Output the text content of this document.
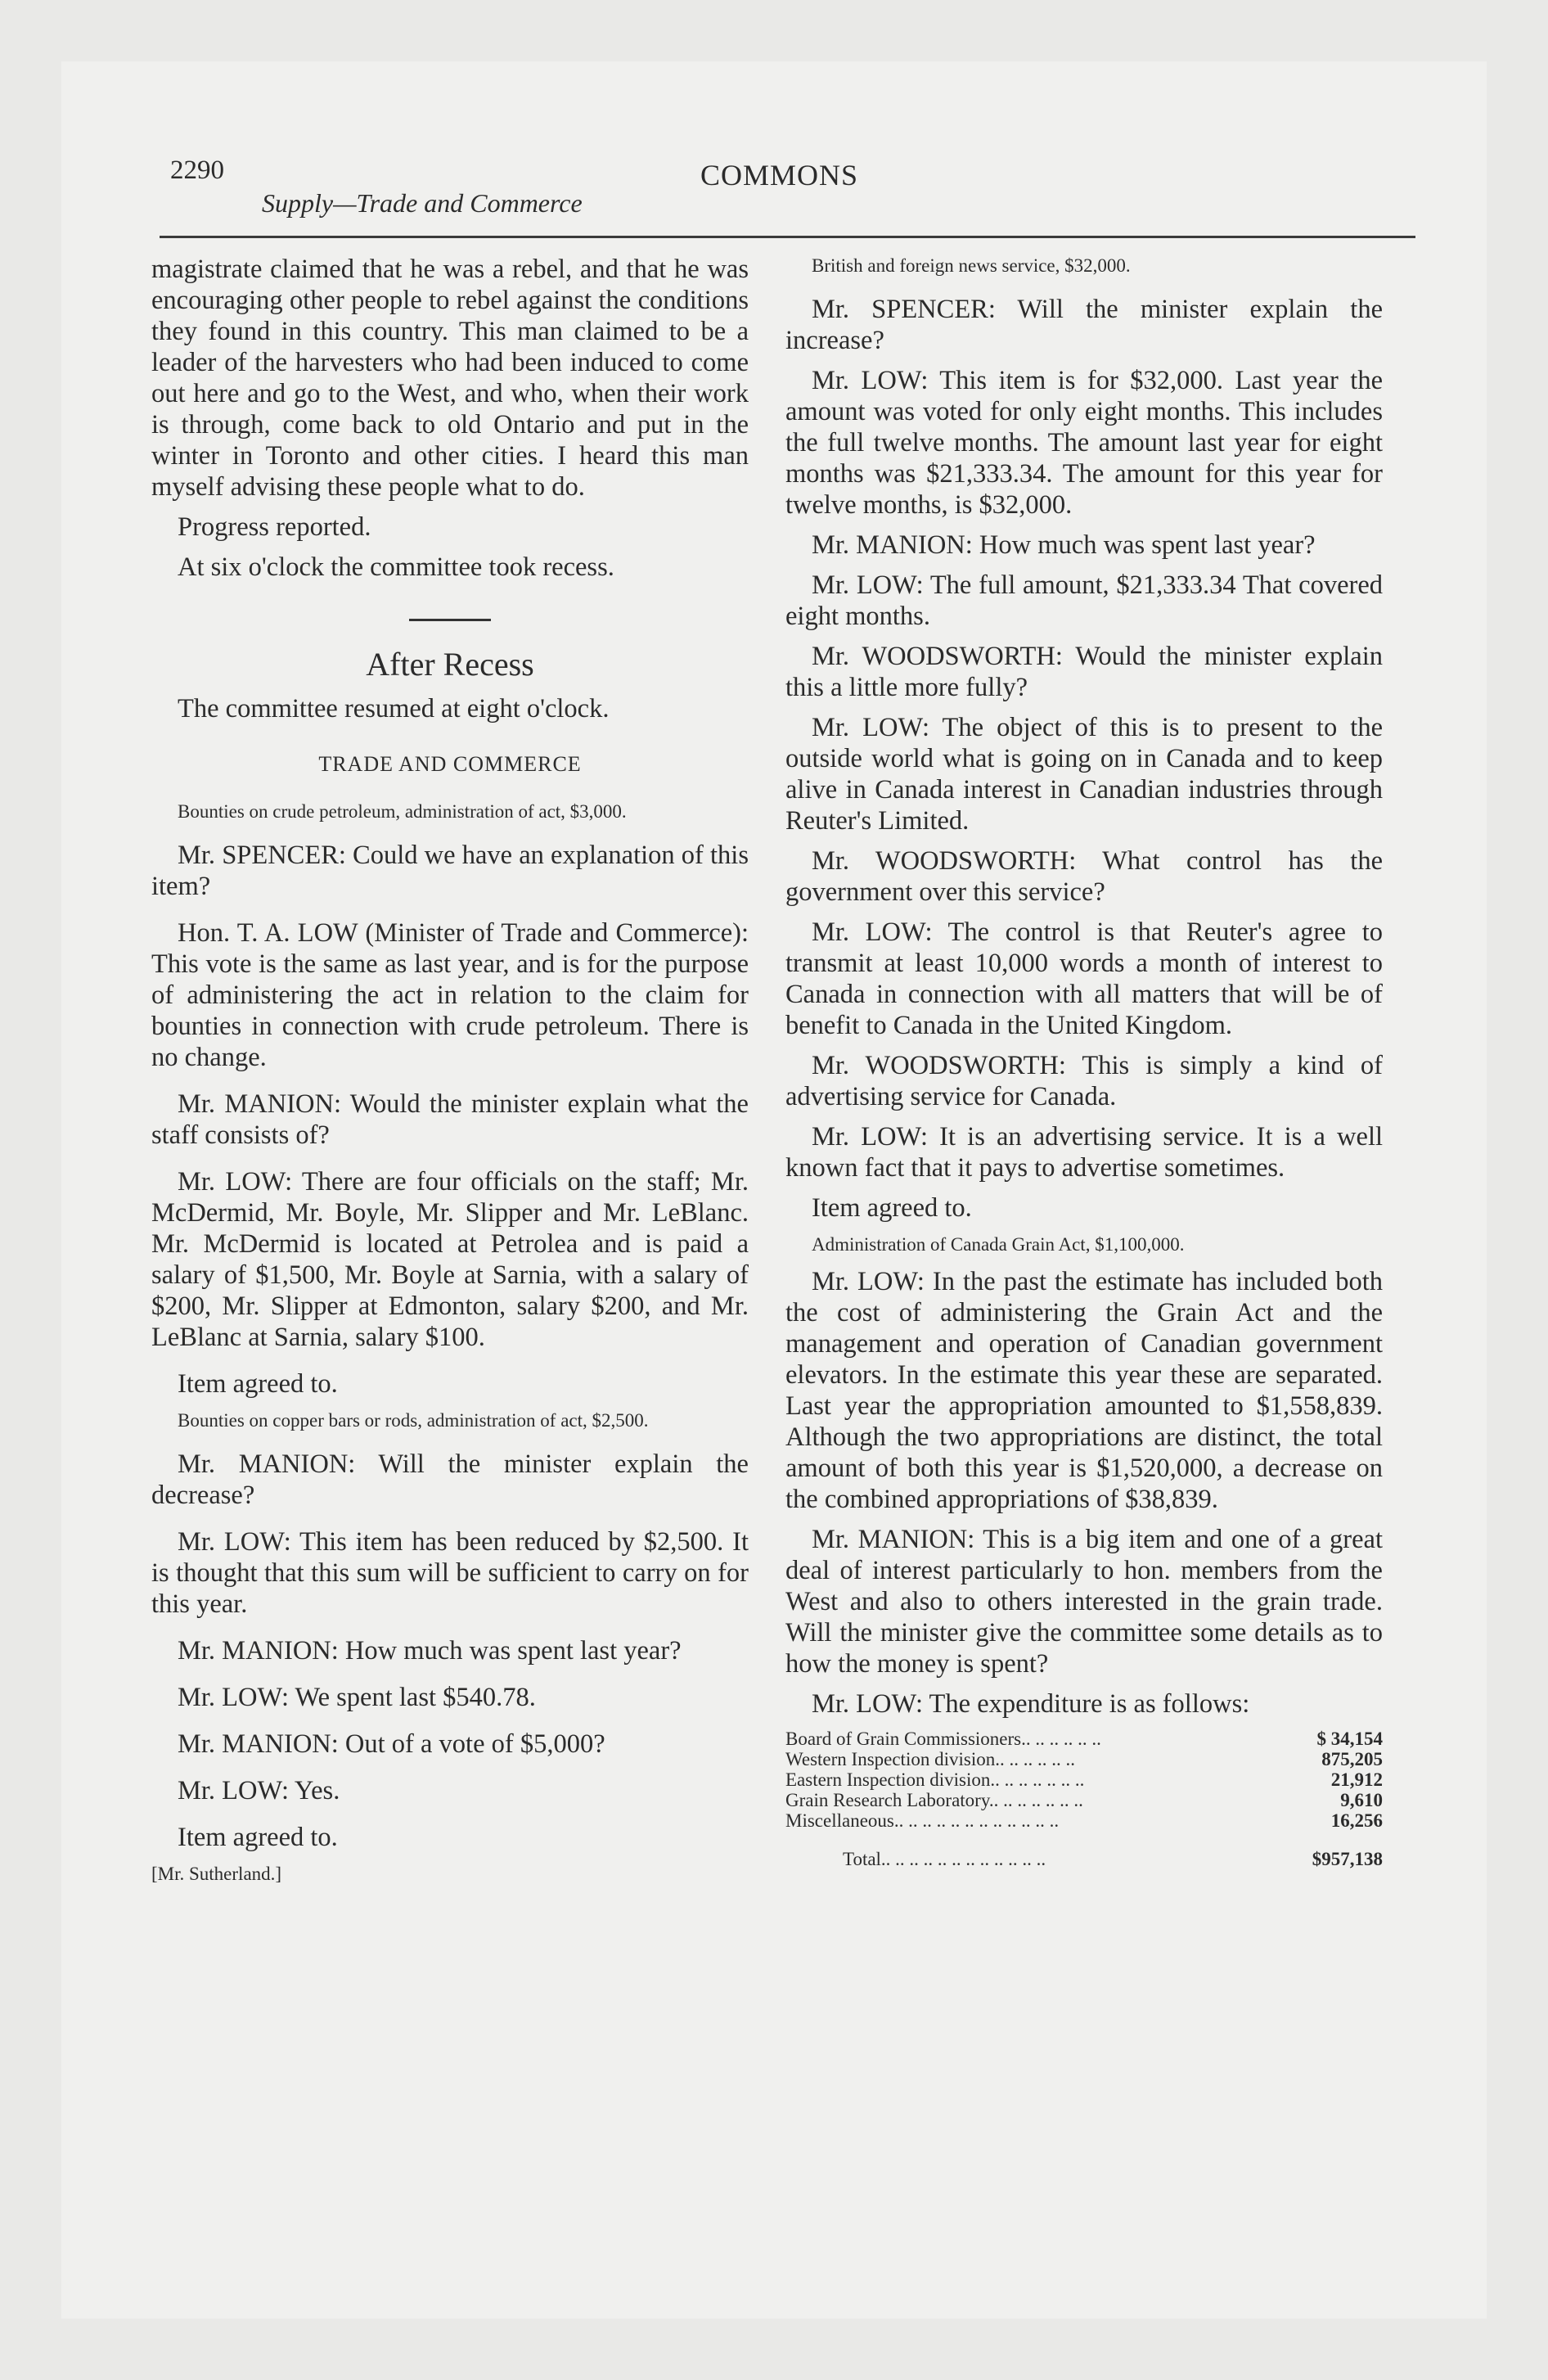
2290	COMMONS
Supply—Trade and Commerce

magistrate claimed that he was a rebel, and that he was encouraging other people to rebel against the conditions they found in this country. This man claimed to be a leader of the harvesters who had been induced to come out here and go to the West, and who, when their work is through, come back to old Ontario and put in the winter in Toronto and other cities. I heard this man myself advising these people what to do.

Progress reported.

At six o'clock the committee took recess.

After Recess

The committee resumed at eight o'clock.

TRADE AND COMMERCE

Bounties on crude petroleum, administration of act, $3,000.

Mr. SPENCER: Could we have an explanation of this item?

Hon. T. A. LOW (Minister of Trade and Commerce): This vote is the same as last year, and is for the purpose of administering the act in relation to the claim for bounties in connection with crude petroleum. There is no change.

Mr. MANION: Would the minister explain what the staff consists of?

Mr. LOW: There are four officials on the staff; Mr. McDermid, Mr. Boyle, Mr. Slipper and Mr. LeBlanc. Mr. McDermid is located at Petrolea and is paid a salary of $1,500, Mr. Boyle at Sarnia, with a salary of $200, Mr. Slipper at Edmonton, salary $200, and Mr. LeBlanc at Sarnia, salary $100.

Item agreed to.

Bounties on copper bars or rods, administration of act, $2,500.

Mr. MANION: Will the minister explain the decrease?

Mr. LOW: This item has been reduced by $2,500. It is thought that this sum will be sufficient to carry on for this year.

Mr. MANION: How much was spent last year?

Mr. LOW: We spent last $540.78.

Mr. MANION: Out of a vote of $5,000?

Mr. LOW: Yes.

Item agreed to.

[Mr. Sutherland.]

British and foreign news service, $32,000.

Mr. SPENCER: Will the minister explain the increase?

Mr. LOW: This item is for $32,000. Last year the amount was voted for only eight months. This includes the full twelve months. The amount last year for eight months was $21,333.34. The amount for this year for twelve months, is $32,000.

Mr. MANION: How much was spent last year?

Mr. LOW: The full amount, $21,333.34 That covered eight months.

Mr. WOODSWORTH: Would the minister explain this a little more fully?

Mr. LOW: The object of this is to present to the outside world what is going on in Canada and to keep alive in Canada interest in Canadian industries through Reuter's Limited.

Mr. WOODSWORTH: What control has the government over this service?

Mr. LOW: The control is that Reuter's agree to transmit at least 10,000 words a month of interest to Canada in connection with all matters that will be of benefit to Canada in the United Kingdom.

Mr. WOODSWORTH: This is simply a kind of advertising service for Canada.

Mr. LOW: It is an advertising service. It is a well known fact that it pays to advertise sometimes.

Item agreed to.

Administration of Canada Grain Act, $1,100,000.

Mr. LOW: In the past the estimate has included both the cost of administering the Grain Act and the management and operation of Canadian government elevators. In the estimate this year these are separated. Last year the appropriation amounted to $1,558,839. Although the two appropriations are distinct, the total amount of both this year is $1,520,000, a decrease on the combined appropriations of $38,839.

Mr. MANION: This is a big item and one of a great deal of interest particularly to hon. members from the West and also to others interested in the grain trade. Will the minister give the committee some details as to how the money is spent?

Mr. LOW: The expenditure is as follows:

Board of Grain Commissioners.. .. .. .. .. ..	$ 34,154
Western Inspection division.. .. .. .. .. ..	875,205
Eastern Inspection division.. .. .. .. .. .. ..	21,912
Grain Research Laboratory.. .. .. .. .. .. ..	9,610
Miscellaneous.. .. .. .. .. .. .. .. .. .. .. ..	16,256
Total.. .. .. .. .. .. .. .. .. .. .. ..	$957,138
